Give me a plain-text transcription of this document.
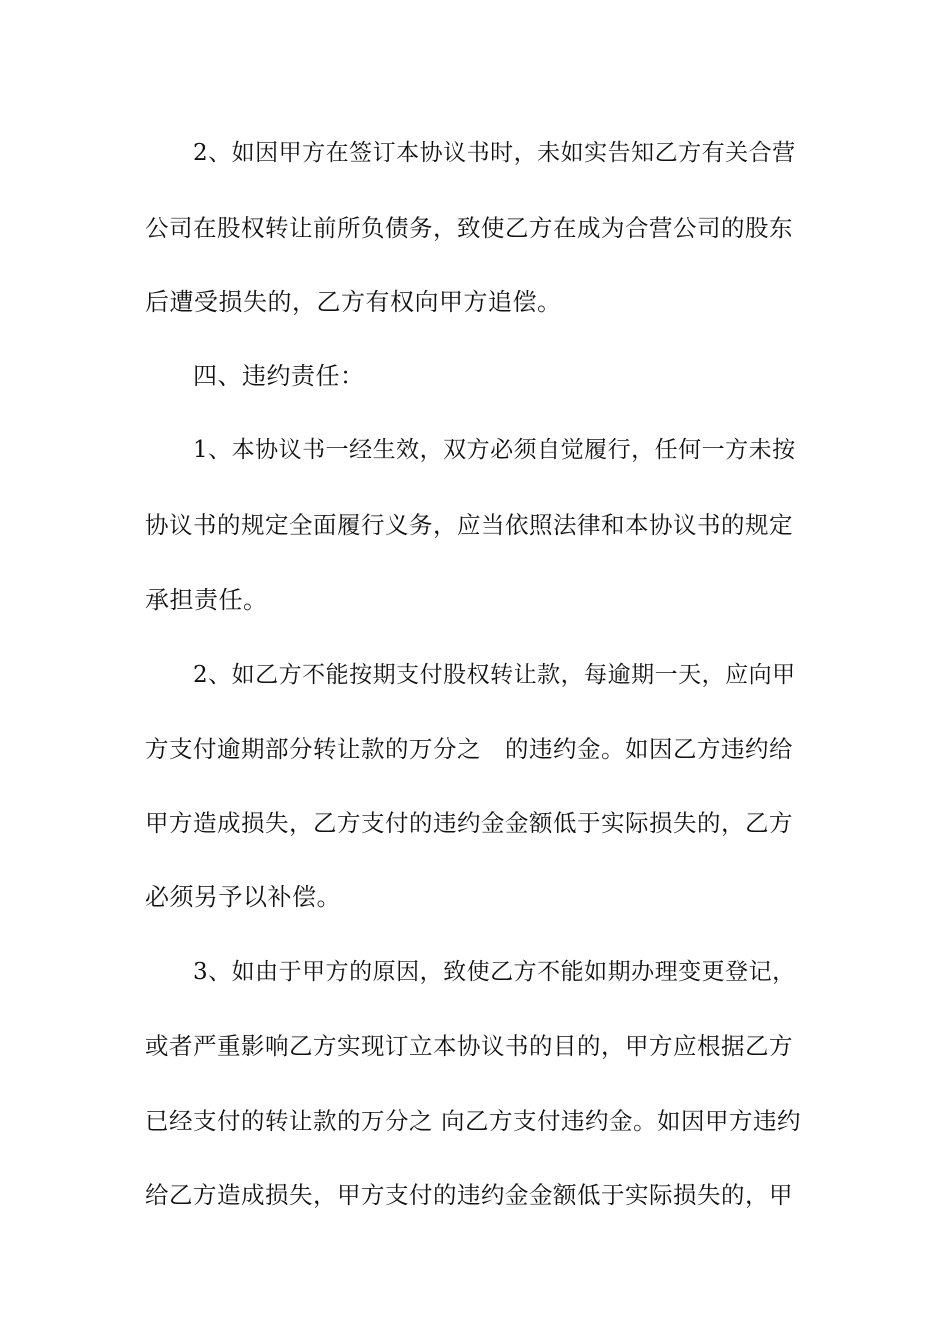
2、如因甲方在签订本协议书时，未如实告知乙方有关合营
公司在股权转让前所负债务，致使乙方在成为合营公司的股东
后遭受损失的，乙方有权向甲方追偿。
四、违约责任：
1、本协议书一经生效，双方必须自觉履行，任何一方未按
协议书的规定全面履行义务，应当依照法律和本协议书的规定
承担责任。
2、如乙方不能按期支付股权转让款，每逾期一天，应向甲
方支付逾期部分转让款的万分之　的违约金。如因乙方违约给
甲方造成损失，乙方支付的违约金金额低于实际损失的，乙方
必须另予以补偿。
3、如由于甲方的原因，致使乙方不能如期办理变更登记，
或者严重影响乙方实现订立本协议书的目的，甲方应根据乙方
已经支付的转让款的万分之 向乙方支付违约金。如因甲方违约
给乙方造成损失，甲方支付的违约金金额低于实际损失的，甲
